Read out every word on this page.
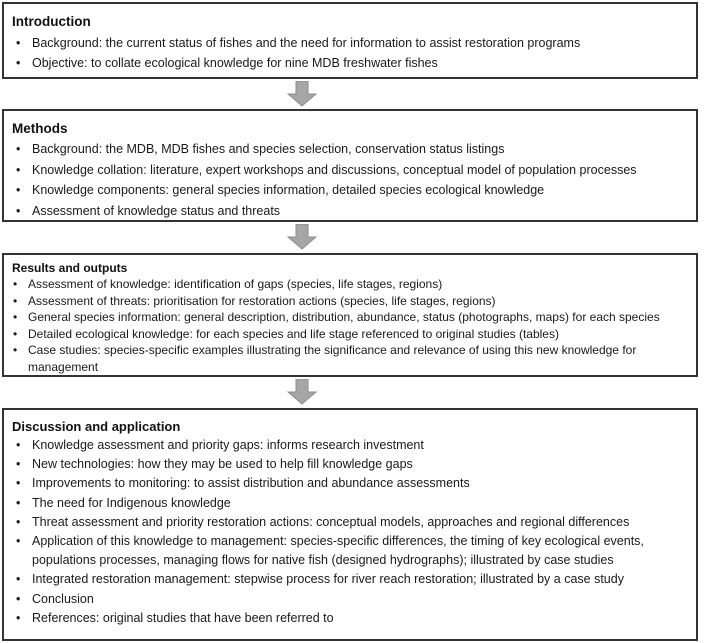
Introduction
• Background: the current status of fishes and the need for information to assist restoration programs
• Objective: to collate ecological knowledge for nine MDB freshwater fishes
Methods
• Background: the MDB, MDB fishes and species selection, conservation status listings
• Knowledge collation: literature, expert workshops and discussions, conceptual model of population processes
• Knowledge components: general species information, detailed species ecological knowledge
• Assessment of knowledge status and threats
Results and outputs
• Assessment of knowledge: identification of gaps (species, life stages, regions)
• Assessment of threats: prioritisation for restoration actions (species, life stages, regions)
• General species information: general description, distribution, abundance, status (photographs, maps) for each species
• Detailed ecological knowledge: for each species and life stage referenced to original studies (tables)
• Case studies: species-specific examples illustrating the significance and relevance of using this new knowledge for management
Discussion and application
• Knowledge assessment and priority gaps: informs research investment
• New technologies: how they may be used to help fill knowledge gaps
• Improvements to monitoring: to assist distribution and abundance assessments
• The need for Indigenous knowledge
• Threat assessment and priority restoration actions: conceptual models, approaches and regional differences
• Application of this knowledge to management: species-specific differences, the timing of key ecological events, populations processes, managing flows for native fish (designed hydrographs); illustrated by case studies
• Integrated restoration management: stepwise process for river reach restoration; illustrated by a case study
• Conclusion
• References: original studies that have been referred to
